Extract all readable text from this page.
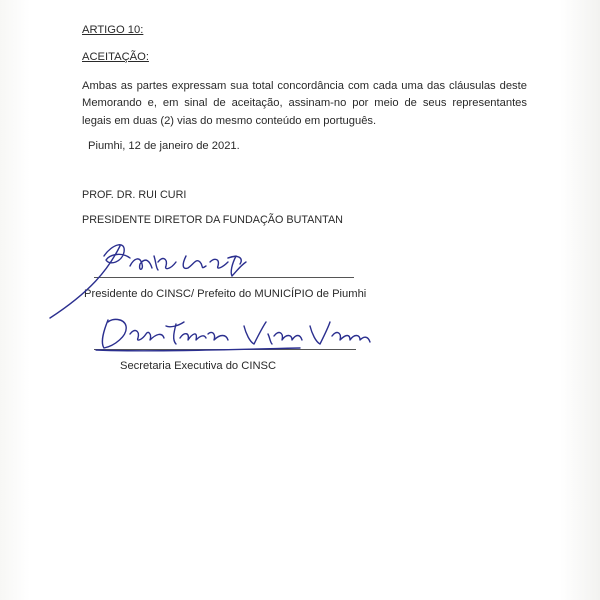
ARTIGO 10:
ACEITAÇÃO:
Ambas as partes expressam sua total concordância com cada uma das cláusulas deste Memorando e, em sinal de aceitação, assinam-no por meio de seus representantes legais em duas (2) vias do mesmo conteúdo em português.
Piumhi, 12 de janeiro de 2021.
PROF. DR. RUI CURI
PRESIDENTE DIRETOR DA FUNDAÇÃO BUTANTAN
Presidente do CINSC/ Prefeito do MUNICÍPIO de Piumhi
Secretaria Executiva do CINSC
